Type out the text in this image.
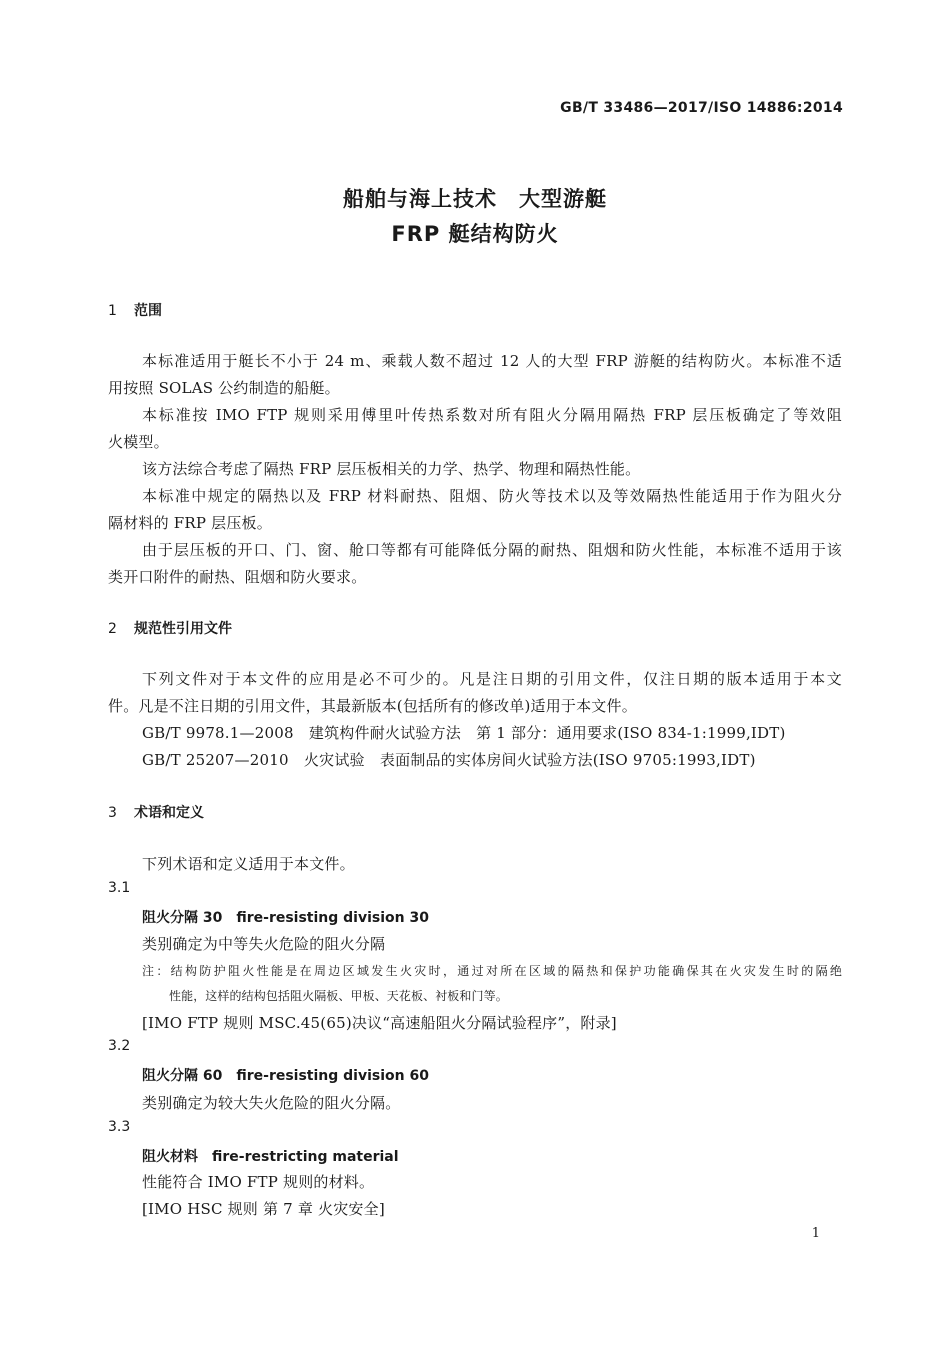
GB/T 33486—2017/ISO 14886:2014
船舶与海上技术　大型游艇
FRP 艇结构防火
1 范围
本标准适用于艇长不小于 24 m、乘载人数不超过 12 人的大型 FRP 游艇的结构防火。本标准不适
用按照 SOLAS 公约制造的船艇。
本标准按 IMO FTP 规则采用傅里叶传热系数对所有阻火分隔用隔热 FRP 层压板确定了等效阻
火模型。
该方法综合考虑了隔热 FRP 层压板相关的力学、热学、物理和隔热性能。
本标准中规定的隔热以及 FRP 材料耐热、阻烟、防火等技术以及等效隔热性能适用于作为阻火分
隔材料的 FRP 层压板。
由于层压板的开口、门、窗、舱口等都有可能降低分隔的耐热、阻烟和防火性能，本标准不适用于该
类开口附件的耐热、阻烟和防火要求。
2 规范性引用文件
下列文件对于本文件的应用是必不可少的。凡是注日期的引用文件，仅注日期的版本适用于本文
件。凡是不注日期的引用文件，其最新版本(包括所有的修改单)适用于本文件。
GB/T 9978.1—2008　建筑构件耐火试验方法　第 1 部分：通用要求(ISO 834-1:1999,IDT)
GB/T 25207—2010　火灾试验　表面制品的实体房间火试验方法(ISO 9705:1993,IDT)
3 术语和定义
下列术语和定义适用于本文件。
3.1
阻火分隔 30　fire-resisting division 30
类别确定为中等失火危险的阻火分隔
注：结构防护阻火性能是在周边区域发生火灾时，通过对所在区域的隔热和保护功能确保其在火灾发生时的隔绝
性能，这样的结构包括阻火隔板、甲板、天花板、衬板和门等。
[IMO FTP 规则 MSC.45(65)决议“高速船阻火分隔试验程序”，附录]
3.2
阻火分隔 60　fire-resisting division 60
类别确定为较大失火危险的阻火分隔。
3.3
阻火材料　fire-restricting material
性能符合 IMO FTP 规则的材料。
[IMO HSC 规则 第 7 章 火灾安全]
1
